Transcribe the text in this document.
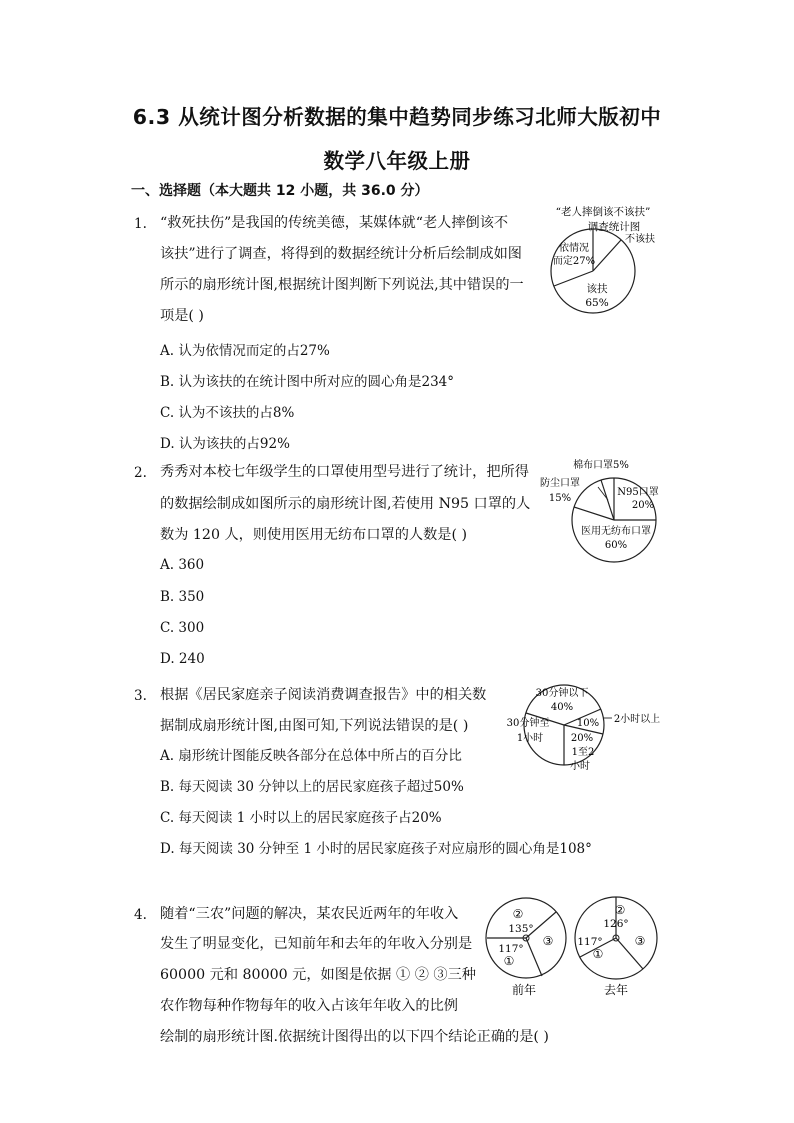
6.3 从统计图分析数据的集中趋势同步练习北师大版初中
数学八年级上册
一、选择题（本大题共 12 小题，共 36.0 分）
1. “救死扶伤”是我国的传统美德，某媒体就“老人摔倒该不
该扶”进行了调查，将得到的数据经统计分析后绘制成如图
所示的扇形统计图,根据统计图判断下列说法,其中错误的一
项是( )
A. 认为依情况而定的占27%
B. 认为该扶的在统计图中所对应的圆心角是234°
C. 认为不该扶的占8%
D. 认为该扶的占92%
“老人摔倒该不该扶”
调查统计图
依情况
而定27%
不该扶
该扶
65%
2. 秀秀对本校七年级学生的口罩使用型号进行了统计，把所得
的数据绘制成如图所示的扇形统计图,若使用 N95 口罩的人
数为 120 人，则使用医用无纺布口罩的人数是( )
A. 360
B. 350
C. 300
D. 240
棉布口罩5%
防尘口罩
15%
N95口罩
20%
医用无纺布口罩
60%
3. 根据《居民家庭亲子阅读消费调查报告》中的相关数
据制成扇形统计图,由图可知,下列说法错误的是( )
A. 扇形统计图能反映各部分在总体中所占的百分比
B. 每天阅读 30 分钟以上的居民家庭孩子超过50%
C. 每天阅读 1 小时以上的居民家庭孩子占20%
D. 每天阅读 30 分钟至 1 小时的居民家庭孩子对应扇形的圆心角是108°
30分钟以下
40%
30分钟至
1小时
10% 2小时以上
20%
1至2
小时
4. 随着“三农”问题的解决，某农民近两年的年收入
发生了明显变化，已知前年和去年的年收入分别是
60000 元和 80000 元，如图是依据 ① ② ③三种
农作物每种作物每年的收入占该年年收入的比例
绘制的扇形统计图.依据统计图得出的以下四个结论正确的是( )
②
135°
117°
①
③
前年
②
126°
117°
①
③
去年
